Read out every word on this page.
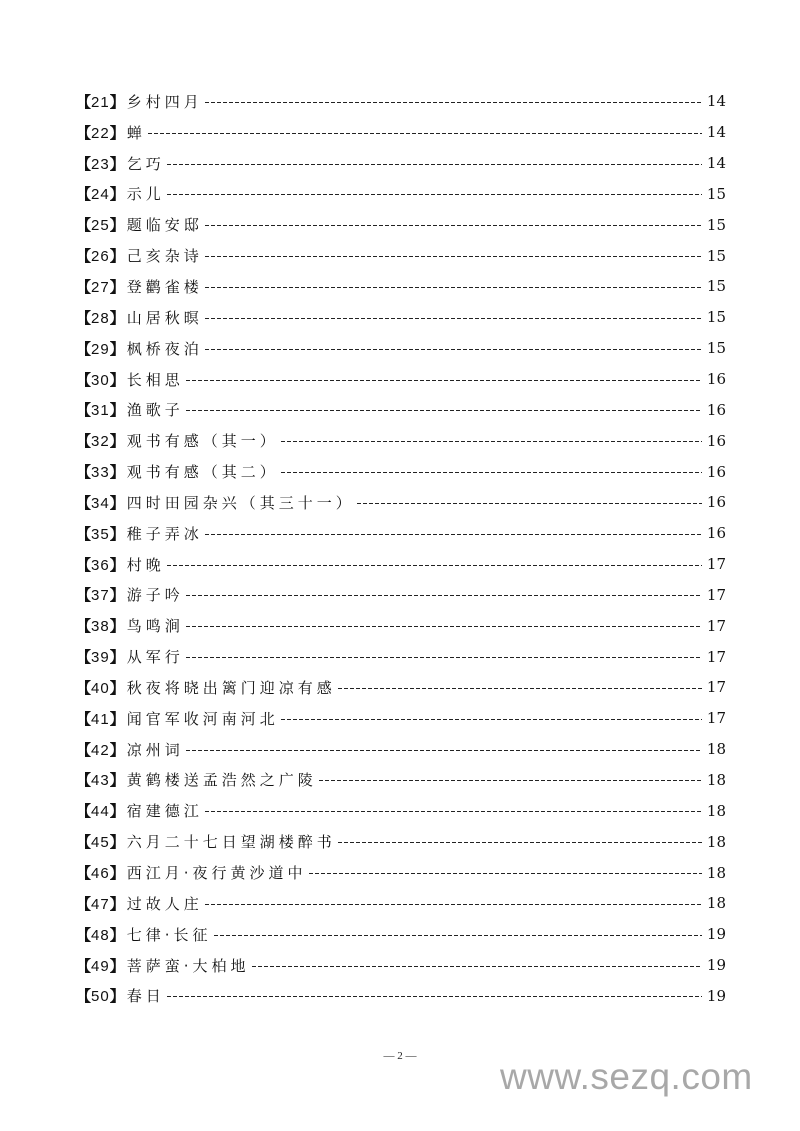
【21】 乡村四月	14
【22】 蝉	14
【23】 乞巧	14
【24】 示儿	15
【25】 题临安邸	15
【26】 己亥杂诗	15
【27】 登鹳雀楼	15
【28】 山居秋暝	15
【29】 枫桥夜泊	15
【30】 长相思	16
【31】 渔歌子	16
【32】 观书有感（其一）	16
【33】 观书有感（其二）	16
【34】 四时田园杂兴（其三十一）	16
【35】 稚子弄冰	16
【36】 村晚	17
【37】 游子吟	17
【38】 鸟鸣涧	17
【39】 从军行	17
【40】 秋夜将晓出篱门迎凉有感	17
【41】 闻官军收河南河北	17
【42】 凉州词	18
【43】 黄鹤楼送孟浩然之广陵	18
【44】 宿建德江	18
【45】 六月二十七日望湖楼醉书	18
【46】 西江月·夜行黄沙道中	18
【47】 过故人庄	18
【48】 七律·长征	19
【49】 菩萨蛮·大柏地	19
【50】 春日	19
— 2 —	www.sezq.com
